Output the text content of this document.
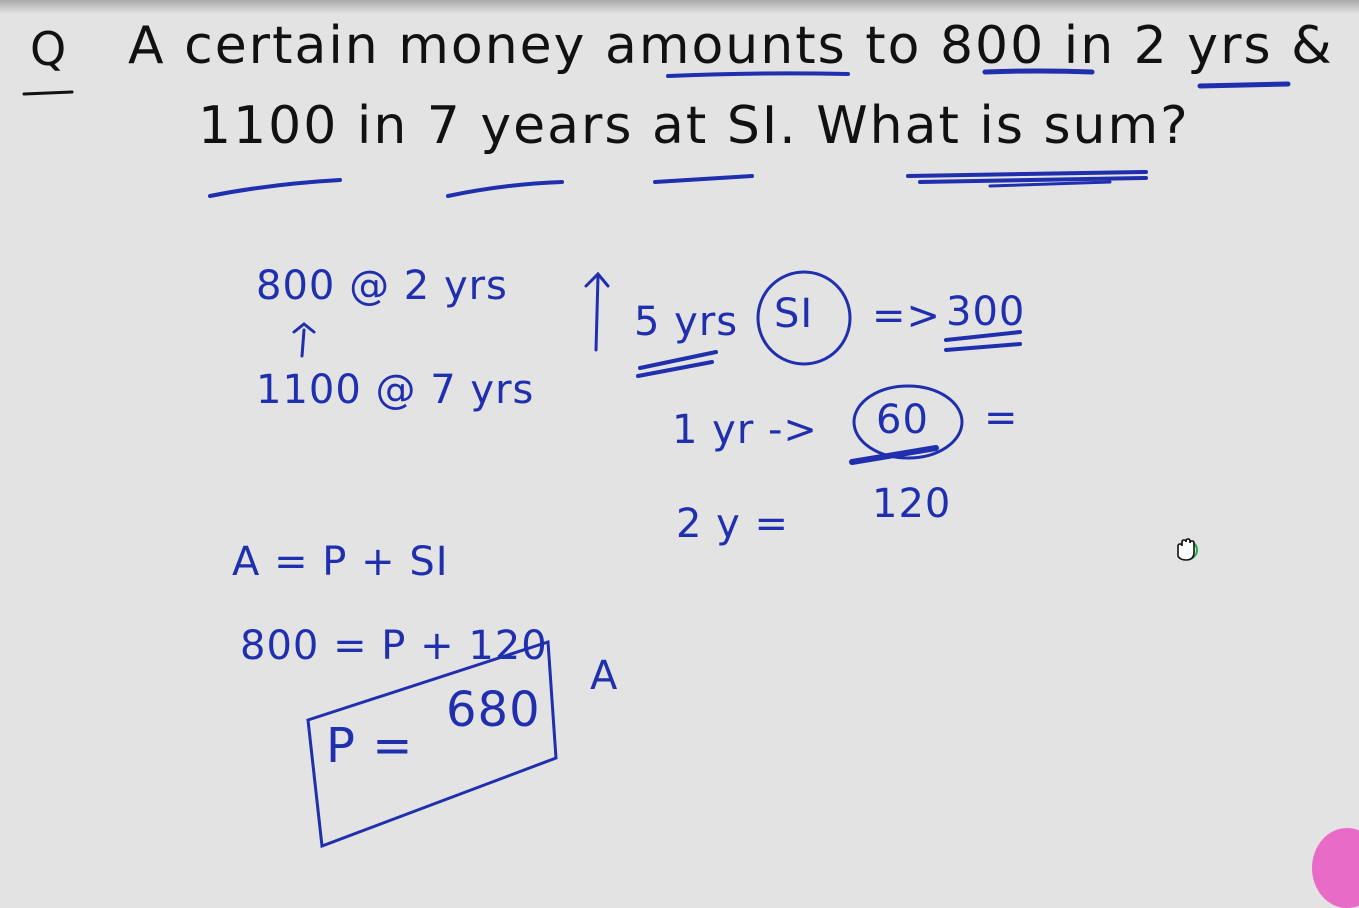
Q A certain money amounts to 800 in 2 yrs &
1100 in 7 years at SI. What is sum?
800 @ 2 yrs
1100 @ 7 yrs
5 yrs SI => 300
1 yr -> 60 =
2 y = 120
A = P + SI
800 = P + 120
P =
680
A
